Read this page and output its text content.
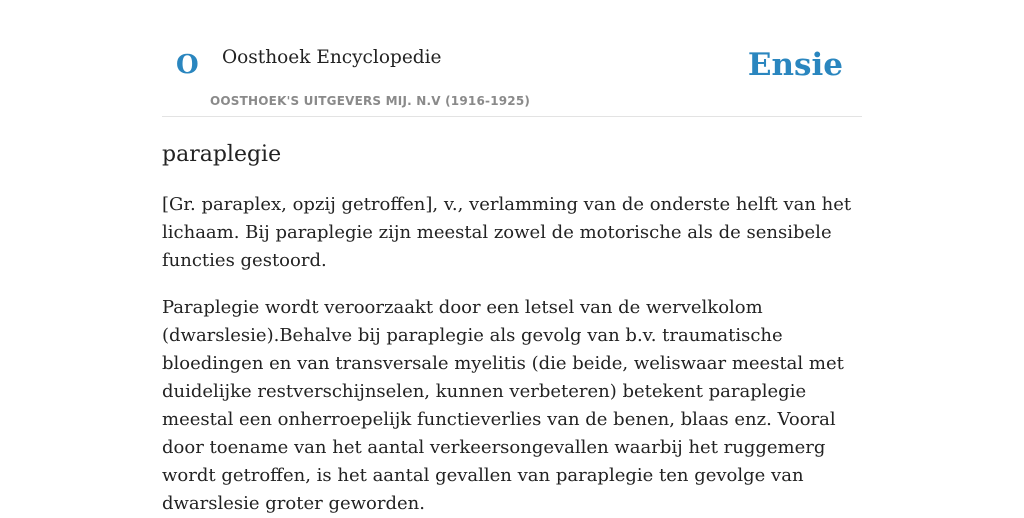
O Oosthoek Encyclopedie
OOSTHOEK'S UITGEVERS MIJ. N.V (1916-1925)
Ensie
paraplegie

[Gr. paraplex, opzij getroffen], v., verlamming van de onderste helft van het lichaam. Bij paraplegie zijn meestal zowel de motorische als de sensibele functies gestoord.

Paraplegie wordt veroorzaakt door een letsel van de wervelkolom (dwarslesie).Behalve bij paraplegie als gevolg van b.v. traumatische bloedingen en van transversale myelitis (die beide, weliswaar meestal met duidelijke restverschijnselen, kunnen verbeteren) betekent paraplegie meestal een onherroepelijk functieverlies van de benen, blaas enz. Vooral door toename van het aantal verkeersongevallen waarbij het ruggemerg wordt getroffen, is het aantal gevallen van paraplegie ten gevolge van dwarslesie groter geworden.
